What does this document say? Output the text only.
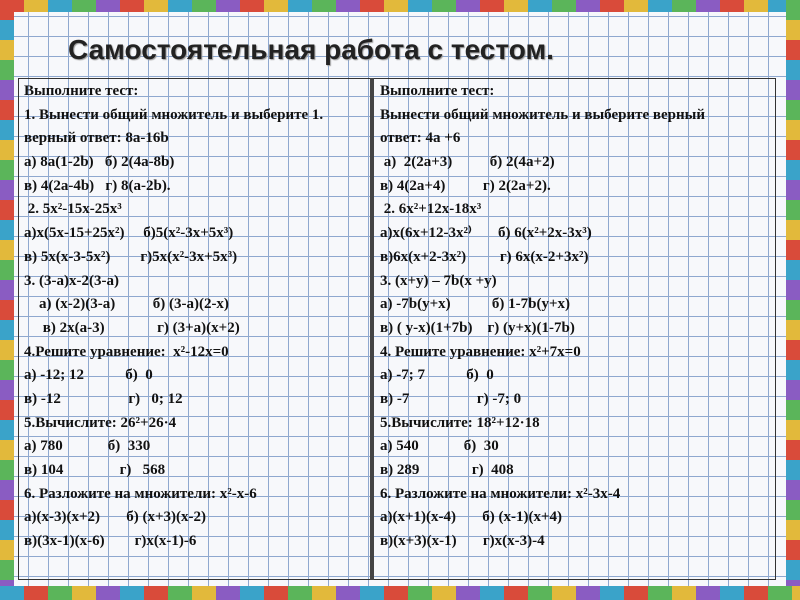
Самостоятельная работа с тестом.
Выполните тест:
1. Вынести общий множитель и выберите 1.
верный ответ: 8a-16b
а) 8a(1-2b)   б) 2(4a-8b)
в) 4(2a-4b)   г) 8(a-2b).
2. 5x²-15x-25x³
а)x(5x-15+25x²)     б)5(x²-3x+5x³)
в) 5x(x-3-5x²)        г)5x(x²-3x+5x³)
3. (3-a)x-2(3-a)
а) (x-2)(3-a)          б) (3-a)(2-x)
в) 2x(a-3)              г) (3+a)(x+2)
4.Решите уравнение:  x²-12x=0
а) -12; 12           б)  0
в) -12                  г)   0; 12
5.Вычислите: 26²+26·4
а) 780            б)  330
в) 104               г)   568
6. Разложите на множители: x²-x-6
а)(x-3)(x+2)       б) (x+3)(x-2)
в)(3x-1)(x-6)        г)x(x-1)-6
Выполните тест:
Вынести общий множитель и выберите верный
ответ: 4a +6
а)  2(2a+3)          б) 2(4a+2)
в) 4(2a+4)          г) 2(2a+2).
2. 6x²+12x-18x³
а)x(6x+12-3x²⁾       б) 6(x²+2x-3x³)
в)6x(x+2-3x²)         г) 6x(x-2+3x²)
3. (x+y) – 7b(x +y)
а) -7b(y+x)           б) 1-7b(y+x)
в) ( y-x)(1+7b)    г) (y+x)(1-7b)
4. Решите уравнение: x²+7x=0
а) -7; 7           б)  0
в) -7                  г) -7; 0
5.Вычислите: 18²+12·18
а) 540            б)  30
в) 289              г)  408
6. Разложите на множители: x²-3x-4
а)(x+1)(x-4)       б) (x-1)(x+4)
в)(x+3)(x-1)       г)x(x-3)-4
